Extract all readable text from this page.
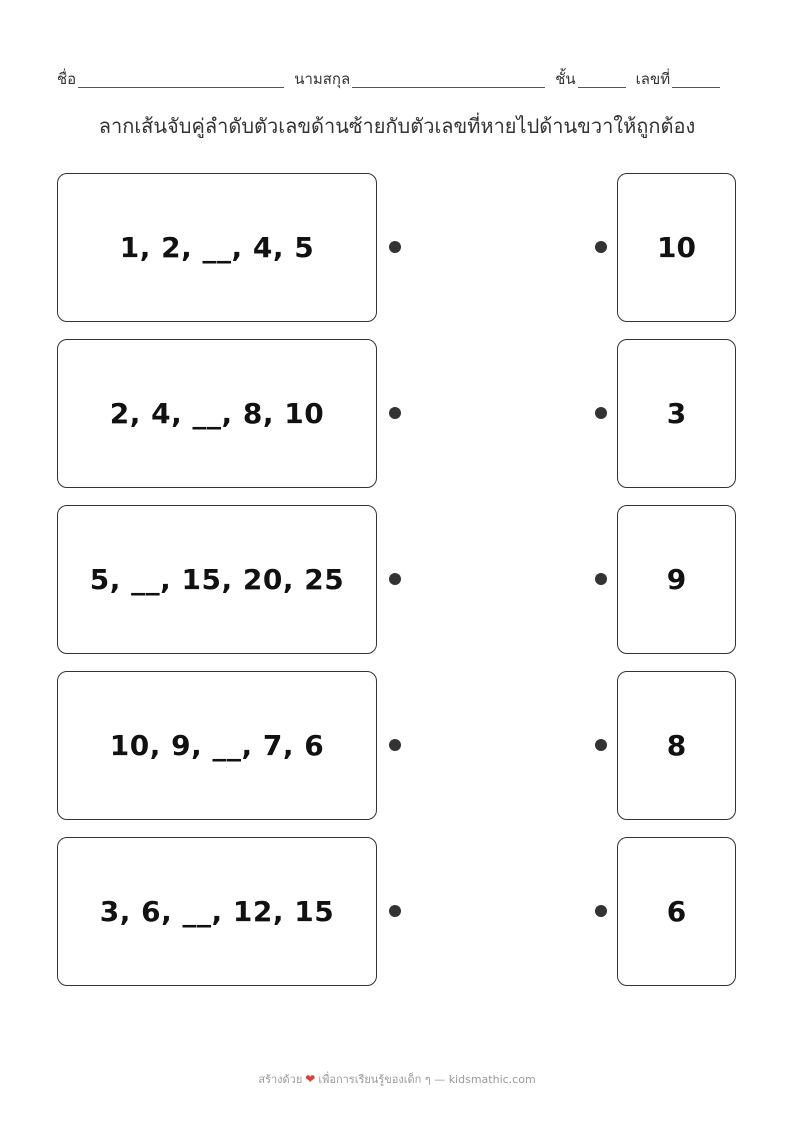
ชื่อ	นามสกุล	ชั้น	เลขที่
ลากเส้นจับคู่ลำดับตัวเลขด้านซ้ายกับตัวเลขที่หายไปด้านขวาให้ถูกต้อง
1, 2, __, 4, 5	10
2, 4, __, 8, 10	3
5, __, 15, 20, 25	9
10, 9, __, 7, 6	8
3, 6, __, 12, 15	6
สร้างด้วย ❤ เพื่อการเรียนรู้ของเด็ก ๆ — kidsmathic.com
